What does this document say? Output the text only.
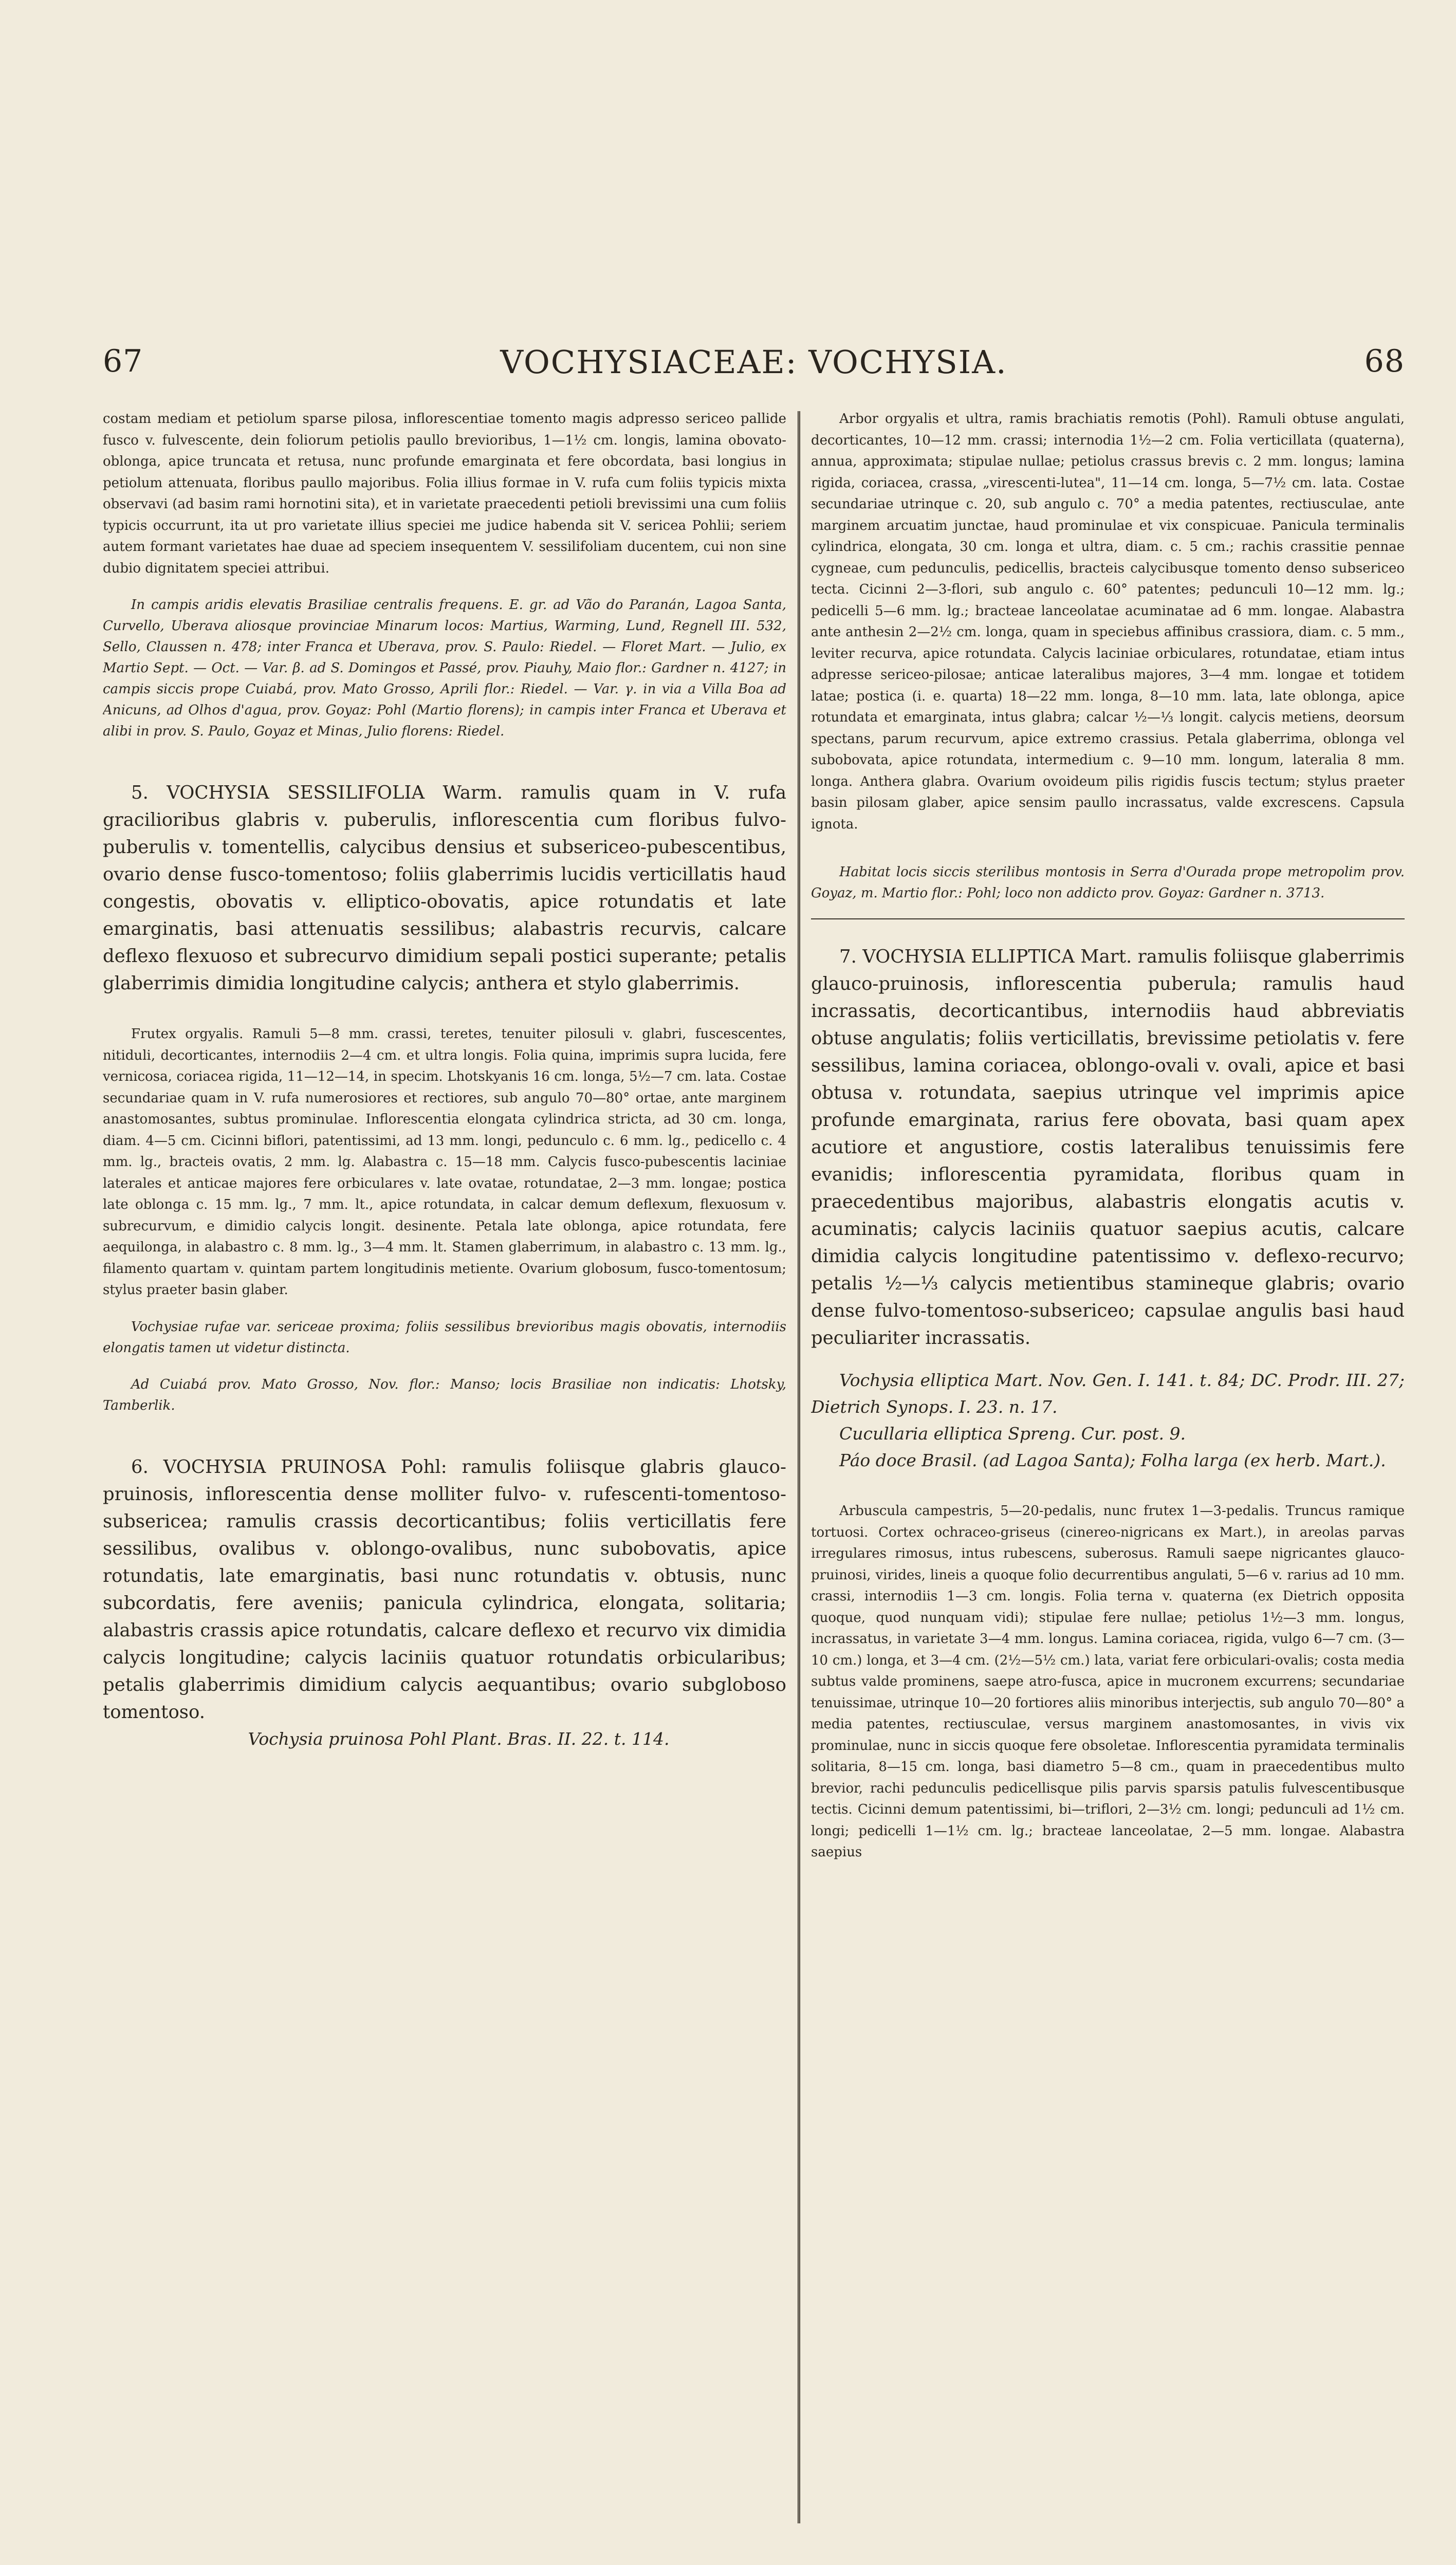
VOCHYSIACEAE: VOCHYSIA.
67	68

costam mediam et petiolum sparse pilosa, inflorescentiae tomento magis adpresso sericeo pallide fusco v. fulvescente, dein foliorum petiolis paullo brevioribus, 1—1½ cm. longis, lamina obovato-oblonga, apice truncata et retusa, nunc profunde emarginata et fere obcordata, basi longius in petiolum attenuata, floribus paullo majoribus. Folia illius formae in V. rufa cum foliis typicis mixta observavi (ad basim rami hornotini sita), et in varietate praecedenti petioli brevissimi una cum foliis typicis occurrunt, ita ut pro varietate illius speciei me judice habenda sit V. sericea Pohlii; seriem autem formant varietates hae duae ad speciem insequentem V. sessilifoliam ducentem, cui non sine dubio dignitatem speciei attribui.

In campis aridis elevatis Brasiliae centralis frequens. E. gr. ad Vão do Paranán, Lagoa Santa, Curvello, Uberava aliosque provinciae Minarum locos: Martius, Warming, Lund, Regnell III. 532, Sello, Claussen n. 478; inter Franca et Uberava, prov. S. Paulo: Riedel. — Floret Mart. — Julio, ex Martio Sept. — Oct. — Var. β. ad S. Domingos et Passé, prov. Piauhy, Maio flor.: Gardner n. 4127; in campis siccis prope Cuiabá, prov. Mato Grosso, Aprili flor.: Riedel. — Var. γ. in via a Villa Boa ad Anicuns, ad Olhos d'agua, prov. Goyaz: Pohl (Martio florens); in campis inter Franca et Uberava et alibi in prov. S. Paulo, Goyaz et Minas, Julio florens: Riedel.

5. VOCHYSIA SESSILIFOLIA Warm. ramulis quam in V. rufa gracilioribus glabris v. puberulis, inflorescentia cum floribus fulvo-puberulis v. tomentellis, calycibus densius et subsericeo-pubescentibus, ovario dense fusco-tomentoso; foliis glaberrimis lucidis verticillatis haud congestis, obovatis v. elliptico-obovatis, apice rotundatis et late emarginatis, basi attenuatis sessilibus; alabastris recurvis, calcare deflexo flexuoso et subrecurvo dimidium sepali postici superante; petalis glaberrimis dimidia longitudine calycis; anthera et stylo glaberrimis.

Frutex orgyalis. Ramuli 5—8 mm. crassi, teretes, tenuiter pilosuli v. glabri, fuscescentes, nitiduli, decorticantes, internodiis 2—4 cm. et ultra longis. Folia quina, imprimis supra lucida, fere vernicosa, coriacea rigida, 11—12—14, in specim. Lhotskyanis 16 cm. longa, 5½—7 cm. lata. Costae secundariae quam in V. rufa numerosiores et rectiores, sub angulo 70—80° ortae, ante marginem anastomosantes, subtus prominulae. Inflorescentia elongata cylindrica stricta, ad 30 cm. longa, diam. 4—5 cm. Cicinni biflori, patentissimi, ad 13 mm. longi, pedunculo c. 6 mm. lg., pedicello c. 4 mm. lg., bracteis ovatis, 2 mm. lg. Alabastra c. 15—18 mm. Calycis fusco-pubescentis laciniae laterales et anticae majores fere orbiculares v. late ovatae, rotundatae, 2—3 mm. longae; postica late oblonga c. 15 mm. lg., 7 mm. lt., apice rotundata, in calcar demum deflexum, flexuosum v. subrecurvum, e dimidio calycis longit. desinente. Petala late oblonga, apice rotundata, fere aequilonga, in alabastro c. 8 mm. lg., 3—4 mm. lt. Stamen glaberrimum, in alabastro c. 13 mm. lg., filamento quartam v. quintam partem longitudinis metiente. Ovarium globosum, fusco-tomentosum; stylus praeter basin glaber.

Vochysiae rufae var. sericeae proxima; foliis sessilibus brevioribus magis obovatis, internodiis elongatis tamen ut videtur distincta.

Ad Cuiabá prov. Mato Grosso, Nov. flor.: Manso; locis Brasiliae non indicatis: Lhotsky, Tamberlik.

6. VOCHYSIA PRUINOSA Pohl: ramulis foliisque glabris glauco-pruinosis, inflorescentia dense molliter fulvo- v. rufescenti-tomentoso-subsericea; ramulis crassis decorticantibus; foliis verticillatis fere sessilibus, ovalibus v. oblongo-ovalibus, nunc subobovatis, apice rotundatis, late emarginatis, basi nunc rotundatis v. obtusis, nunc subcordatis, fere aveniis; panicula cylindrica, elongata, solitaria; alabastris crassis apice rotundatis, calcare deflexo et recurvo vix dimidia calycis longitudine; calycis laciniis quatuor rotundatis orbicularibus; petalis glaberrimis dimidium calycis aequantibus; ovario subgloboso tomentoso.

Vochysia pruinosa Pohl Plant. Bras. II. 22. t. 114.

Arbor orgyalis et ultra, ramis brachiatis remotis (Pohl). Ramuli obtuse angulati, decorticantes, 10—12 mm. crassi; internodia 1½—2 cm. Folia verticillata (quaterna), annua, approximata; stipulae nullae; petiolus crassus brevis c. 2 mm. longus; lamina rigida, coriacea, crassa, „virescenti-lutea", 11—14 cm. longa, 5—7½ cm. lata. Costae secundariae utrinque c. 20, sub angulo c. 70° a media patentes, rectiusculae, ante marginem arcuatim junctae, haud prominulae et vix conspicuae. Panicula terminalis cylindrica, elongata, 30 cm. longa et ultra, diam. c. 5 cm.; rachis crassitie pennae cygneae, cum pedunculis, pedicellis, bracteis calycibusque tomento denso subsericeo tecta. Cicinni 2—3-flori, sub angulo c. 60° patentes; pedunculi 10—12 mm. lg.; pedicelli 5—6 mm. lg.; bracteae lanceolatae acuminatae ad 6 mm. longae. Alabastra ante anthesin 2—2½ cm. longa, quam in speciebus affinibus crassiora, diam. c. 5 mm., leviter recurva, apice rotundata. Calycis laciniae orbiculares, rotundatae, etiam intus adpresse sericeo-pilosae; anticae lateralibus majores, 3—4 mm. longae et totidem latae; postica (i. e. quarta) 18—22 mm. longa, 8—10 mm. lata, late oblonga, apice rotundata et emarginata, intus glabra; calcar ½—⅓ longit. calycis metiens, deorsum spectans, parum recurvum, apice extremo crassius. Petala glaberrima, oblonga vel subobovata, apice rotundata, intermedium c. 9—10 mm. longum, lateralia 8 mm. longa. Anthera glabra. Ovarium ovoideum pilis rigidis fuscis tectum; stylus praeter basin pilosam glaber, apice sensim paullo incrassatus, valde excrescens. Capsula ignota.

Habitat locis siccis sterilibus montosis in Serra d'Ourada prope metropolim prov. Goyaz, m. Martio flor.: Pohl; loco non addicto prov. Goyaz: Gardner n. 3713.

7. VOCHYSIA ELLIPTICA Mart. ramulis foliisque glaberrimis glauco-pruinosis, inflorescentia puberula; ramulis haud incrassatis, decorticantibus, internodiis haud abbreviatis obtuse angulatis; foliis verticillatis, brevissime petiolatis v. fere sessilibus, lamina coriacea, oblongo-ovali v. ovali, apice et basi obtusa v. rotundata, saepius utrinque vel imprimis apice profunde emarginata, rarius fere obovata, basi quam apex acutiore et angustiore, costis lateralibus tenuissimis fere evanidis; inflorescentia pyramidata, floribus quam in praecedentibus majoribus, alabastris elongatis acutis v. acuminatis; calycis laciniis quatuor saepius acutis, calcare dimidia calycis longitudine patentissimo v. deflexo-recurvo; petalis ½—⅓ calycis metientibus stamineque glabris; ovario dense fulvo-tomentoso-subsericeo; capsulae angulis basi haud peculiariter incrassatis.

Vochysia elliptica Mart. Nov. Gen. I. 141. t. 84; DC. Prodr. III. 27; Dietrich Synops. I. 23. n. 17.

Cucullaria elliptica Spreng. Cur. post. 9.

Páo doce Brasil. (ad Lagoa Santa); Folha larga (ex herb. Mart.).

Arbuscula campestris, 5—20-pedalis, nunc frutex 1—3-pedalis. Truncus ramique tortuosi. Cortex ochraceo-griseus (cinereo-nigricans ex Mart.), in areolas parvas irregulares rimosus, intus rubescens, suberosus. Ramuli saepe nigricantes glauco-pruinosi, virides, lineis a quoque folio decurrentibus angulati, 5—6 v. rarius ad 10 mm. crassi, internodiis 1—3 cm. longis. Folia terna v. quaterna (ex Dietrich opposita quoque, quod nunquam vidi); stipulae fere nullae; petiolus 1½—3 mm. longus, incrassatus, in varietate 3—4 mm. longus. Lamina coriacea, rigida, vulgo 6—7 cm. (3—10 cm.) longa, et 3—4 cm. (2½—5½ cm.) lata, variat fere orbiculari-ovalis; costa media subtus valde prominens, saepe atro-fusca, apice in mucronem excurrens; secundariae tenuissimae, utrinque 10—20 fortiores aliis minoribus interjectis, sub angulo 70—80° a media patentes, rectiusculae, versus marginem anastomosantes, in vivis vix prominulae, nunc in siccis quoque fere obsoletae. Inflorescentia pyramidata terminalis solitaria, 8—15 cm. longa, basi diametro 5—8 cm., quam in praecedentibus multo brevior, rachi pedunculis pedicellisque pilis parvis sparsis patulis fulvescentibusque tectis. Cicinni demum patentissimi, bi—triflori, 2—3½ cm. longi; pedunculi ad 1½ cm. longi; pedicelli 1—1½ cm. lg.; bracteae lanceolatae, 2—5 mm. longae. Alabastra saepius
